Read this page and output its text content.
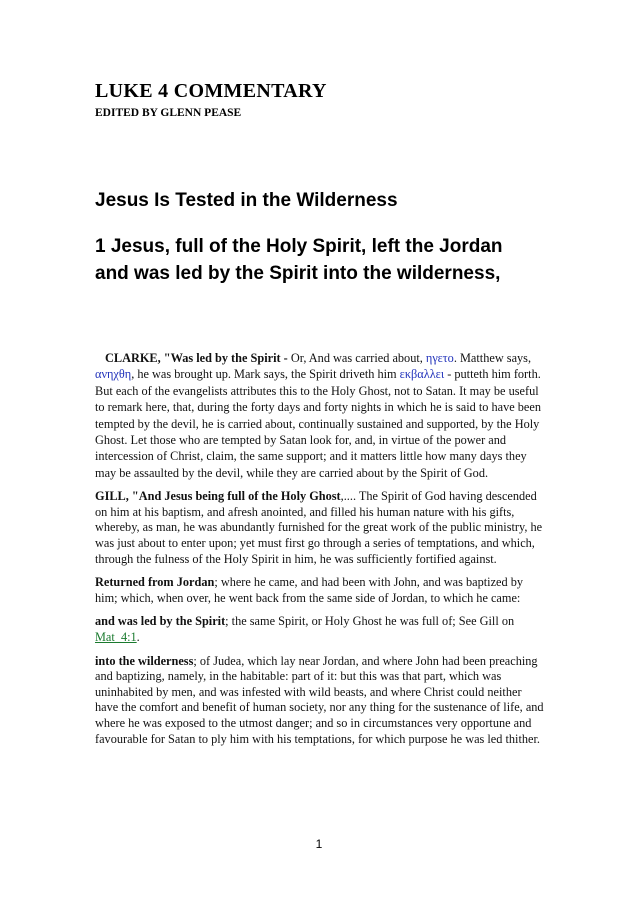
LUKE 4 COMMENTARY
EDITED BY GLENN PEASE
Jesus Is Tested in the Wilderness
1 Jesus, full of the Holy Spirit, left the Jordan
and was led by the Spirit into the wilderness,

CLARKE, "Was led by the Spirit - Or, And was carried about, ηγετο. Matthew says, ανηχθη, he was brought up. Mark says, the Spirit driveth him εκβαλλει - putteth him forth. But each of the evangelists attributes this to the Holy Ghost, not to Satan. It may be useful to remark here, that, during the forty days and forty nights in which he is said to have been tempted by the devil, he is carried about, continually sustained and supported, by the Holy Ghost. Let those who are tempted by Satan look for, and, in virtue of the power and intercession of Christ, claim, the same support; and it matters little how many days they may be assaulted by the devil, while they are carried about by the Spirit of God.

GILL, "And Jesus being full of the Holy Ghost,.... The Spirit of God having descended on him at his baptism, and afresh anointed, and filled his human nature with his gifts, whereby, as man, he was abundantly furnished for the great work of the public ministry, he was just about to enter upon; yet must first go through a series of temptations, and which, through the fulness of the Holy Spirit in him, he was sufficiently fortified against.

Returned from Jordan; where he came, and had been with John, and was baptized by him; which, when over, he went back from the same side of Jordan, to which he came:

and was led by the Spirit; the same Spirit, or Holy Ghost he was full of; See Gill on Mat_4:1.

into the wilderness; of Judea, which lay near Jordan, and where John had been preaching and baptizing, namely, in the habitable: part of it: but this was that part, which was uninhabited by men, and was infested with wild beasts, and where Christ could neither have the comfort and benefit of human society, nor any thing for the sustenance of life, and where he was exposed to the utmost danger; and so in circumstances very opportune and favourable for Satan to ply him with his temptations, for which purpose he was led thither.

1
